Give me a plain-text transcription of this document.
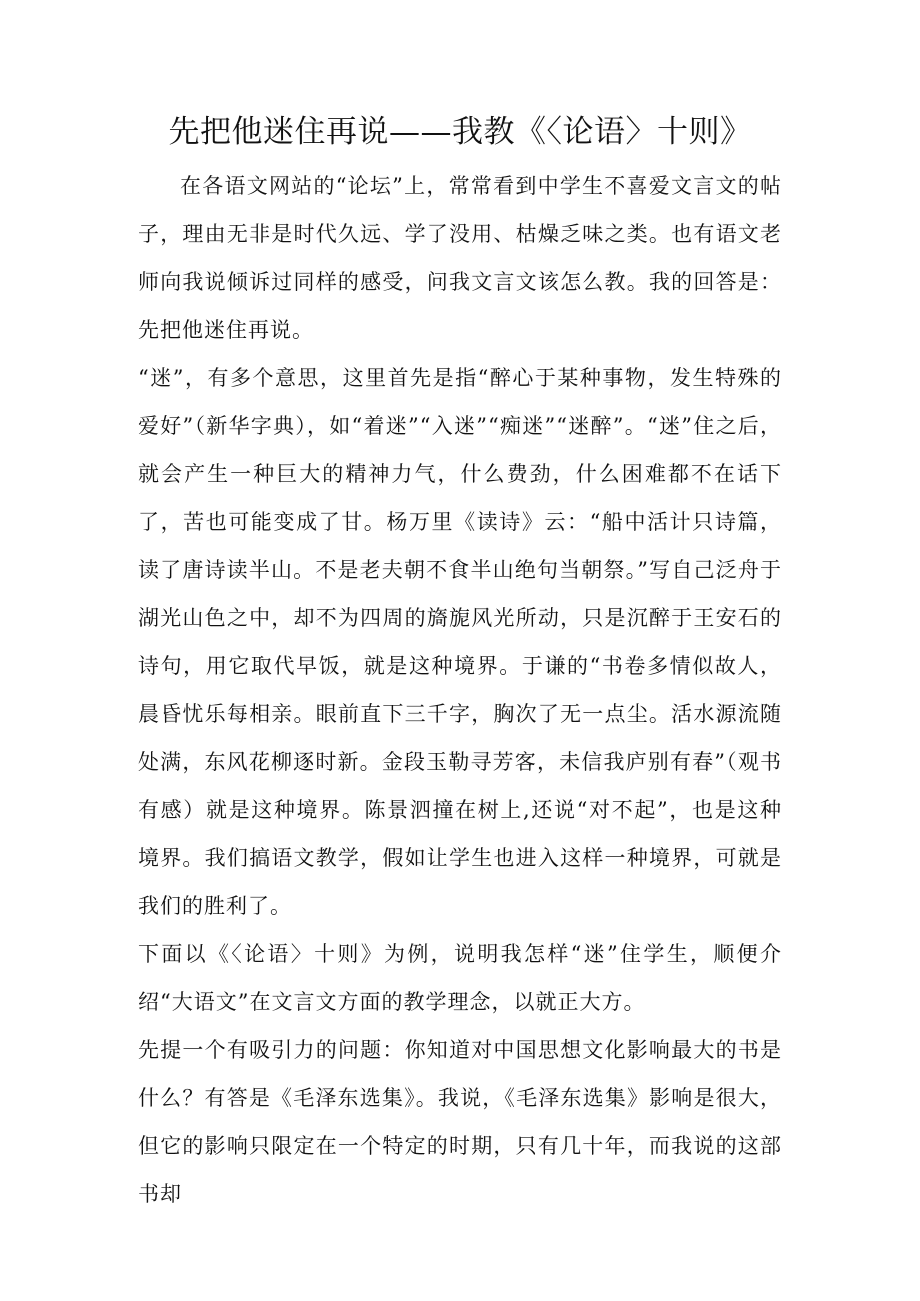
先把他迷住再说——我教《〈论语〉十则》

在各语文网站的“论坛”上，常常看到中学生不喜爱文言文的帖子，理由无非是时代久远、学了没用、枯燥乏味之类。也有语文老师向我说倾诉过同样的感受，问我文言文该怎么教。我的回答是：先把他迷住再说。

“迷”，有多个意思，这里首先是指“醉心于某种事物，发生特殊的爱好”（新华字典），如“着迷”“入迷”“痴迷”“迷醉”。“迷”住之后，就会产生一种巨大的精神力气，什么费劲，什么困难都不在话下了，苦也可能变成了甘。杨万里《读诗》云：“船中活计只诗篇，读了唐诗读半山。不是老夫朝不食半山绝句当朝祭。”写自己泛舟于湖光山色之中，却不为四周的旖旎风光所动，只是沉醉于王安石的诗句，用它取代早饭，就是这种境界。于谦的“书卷多情似故人，晨昏忧乐每相亲。眼前直下三千字，胸次了无一点尘。活水源流随处满，东风花柳逐时新。金段玉勒寻芳客，未信我庐别有春”（观书有感）就是这种境界。陈景泗撞在树上,还说“对不起”，也是这种境界。我们搞语文教学，假如让学生也进入这样一种境界，可就是我们的胜利了。

下面以《〈论语〉十则》为例，说明我怎样“迷”住学生，顺便介绍“大语文”在文言文方面的教学理念，以就正大方。

先提一个有吸引力的问题：你知道对中国思想文化影响最大的书是什么？有答是《毛泽东选集》。我说，《毛泽东选集》影响是很大，但它的影响只限定在一个特定的时期，只有几十年，而我说的这部书却
